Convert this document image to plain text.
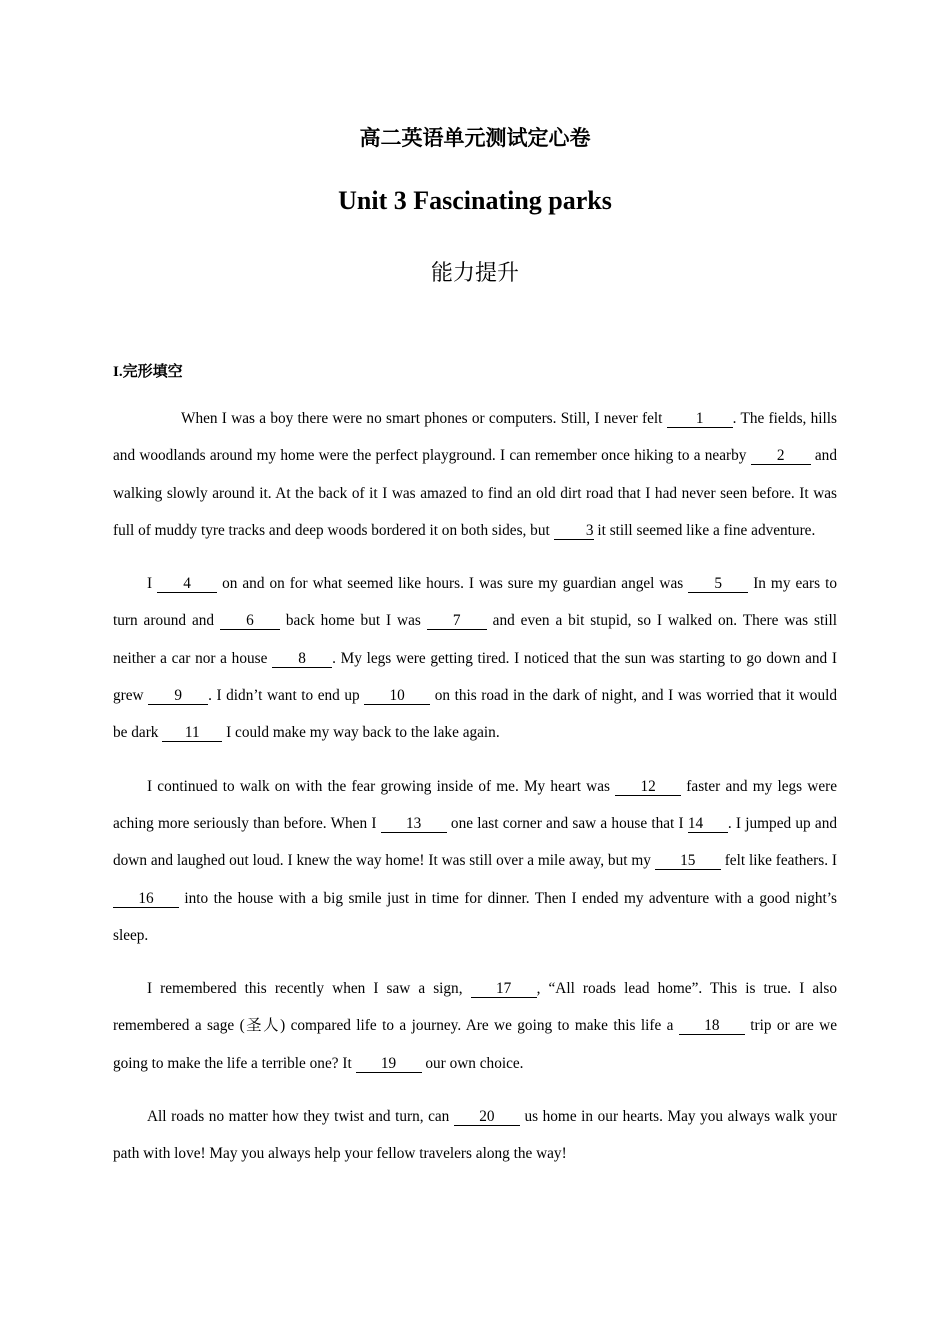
高二英语单元测试定心卷
Unit 3 Fascinating parks
能力提升
I.完形填空

When I was a boy there were no smart phones or computers. Still, I never felt 1 . The fields, hills and woodlands around my home were the perfect playground. I can remember once hiking to a nearby 2 and walking slowly around it. At the back of it I was amazed to find an old dirt road that I had never seen before. It was full of muddy tyre tracks and deep woods bordered it on both sides, but 3 it still seemed like a fine adventure.

I 4 on and on for what seemed like hours. I was sure my guardian angel was 5 In my ears to turn around and 6 back home but I was 7 and even a bit stupid, so I walked on. There was still neither a car nor a house 8 . My legs were getting tired. I noticed that the sun was starting to go down and I grew 9 . I didn’t want to end up 10 on this road in the dark of night, and I was worried that it would be dark 11 I could make my way back to the lake again.

I continued to walk on with the fear growing inside of me. My heart was 12 faster and my legs were aching more seriously than before. When I 13 one last corner and saw a house that I 14 . I jumped up and down and laughed out loud. I knew the way home! It was still over a mile away, but my 15 felt like feathers. I 16 into the house with a big smile just in time for dinner. Then I ended my adventure with a good night’s sleep.

I remembered this recently when I saw a sign, 17 , “All roads lead home”. This is true. I also remembered a sage (圣人) compared life to a journey. Are we going to make this life a 18 trip or are we going to make the life a terrible one? It 19 our own choice.

All roads no matter how they twist and turn, can 20 us home in our hearts. May you always walk your path with love! May you always help your fellow travelers along the way!
